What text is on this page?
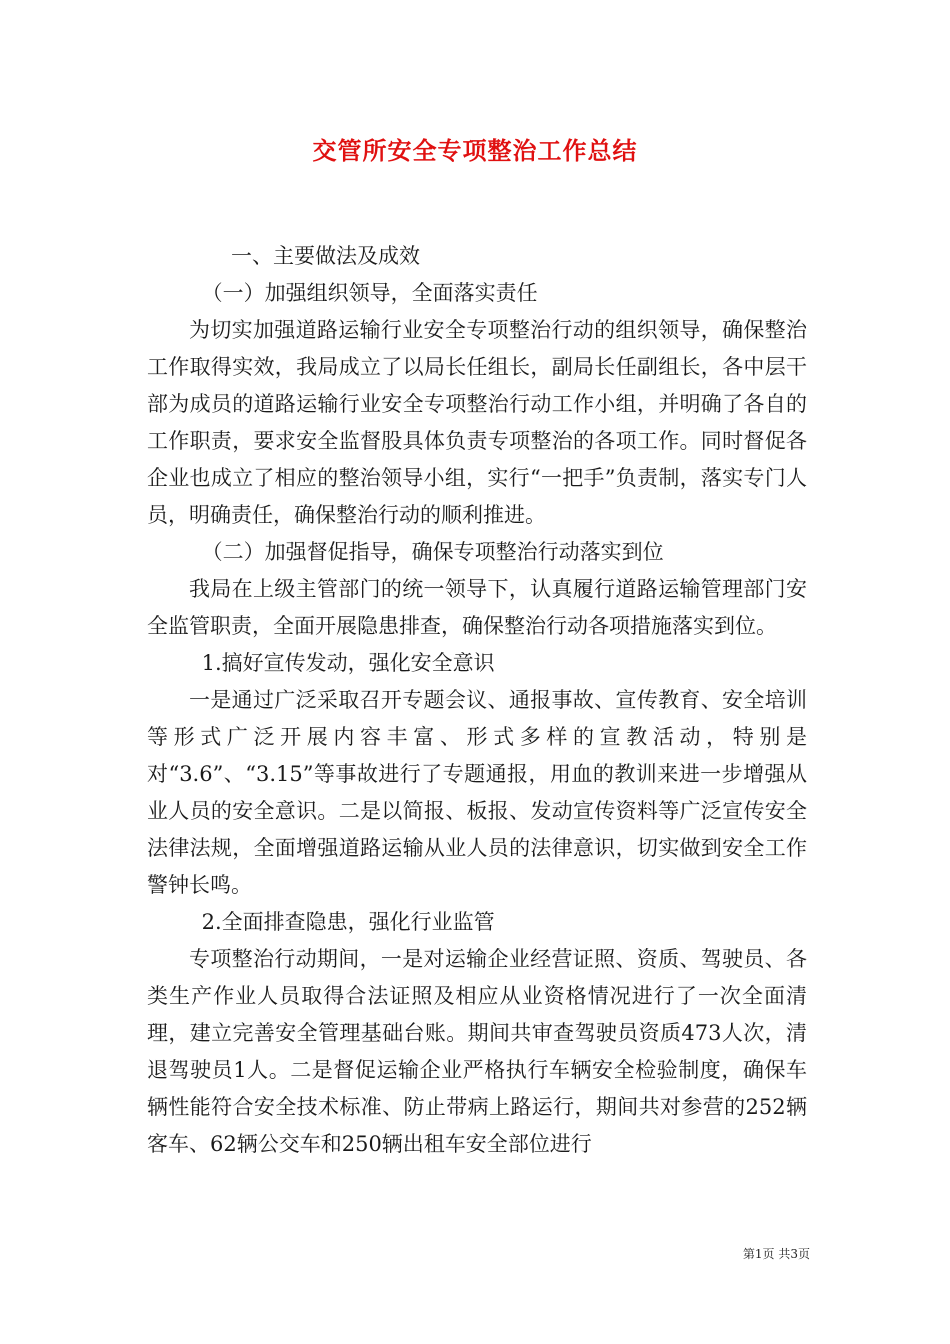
交管所安全专项整治工作总结

一、主要做法及成效

（一）加强组织领导，全面落实责任

为切实加强道路运输行业安全专项整治行动的组织领导，确保整治工作取得实效，我局成立了以局长任组长，副局长任副组长，各中层干部为成员的道路运输行业安全专项整治行动工作小组，并明确了各自的工作职责，要求安全监督股具体负责专项整治的各项工作。同时督促各企业也成立了相应的整治领导小组，实行“一把手”负责制，落实专门人员，明确责任，确保整治行动的顺利推进。

（二）加强督促指导，确保专项整治行动落实到位

我局在上级主管部门的统一领导下，认真履行道路运输管理部门安全监管职责，全面开展隐患排查，确保整治行动各项措施落实到位。

1.搞好宣传发动，强化安全意识

一是通过广泛采取召开专题会议、通报事故、宣传教育、安全培训等形式广泛开展内容丰富、形式多样的宣教活动，特别是对“3.6”、“3.15”等事故进行了专题通报，用血的教训来进一步增强从业人员的安全意识。二是以简报、板报、发动宣传资料等广泛宣传安全法律法规，全面增强道路运输从业人员的法律意识，切实做到安全工作警钟长鸣。

2.全面排查隐患，强化行业监管

专项整治行动期间，一是对运输企业经营证照、资质、驾驶员、各类生产作业人员取得合法证照及相应从业资格情况进行了一次全面清理，建立完善安全管理基础台账。期间共审查驾驶员资质473人次，清退驾驶员1人。二是督促运输企业严格执行车辆安全检验制度，确保车辆性能符合安全技术标准、防止带病上路运行，期间共对参营的252辆客车、62辆公交车和250辆出租车安全部位进行

第1页 共3页
